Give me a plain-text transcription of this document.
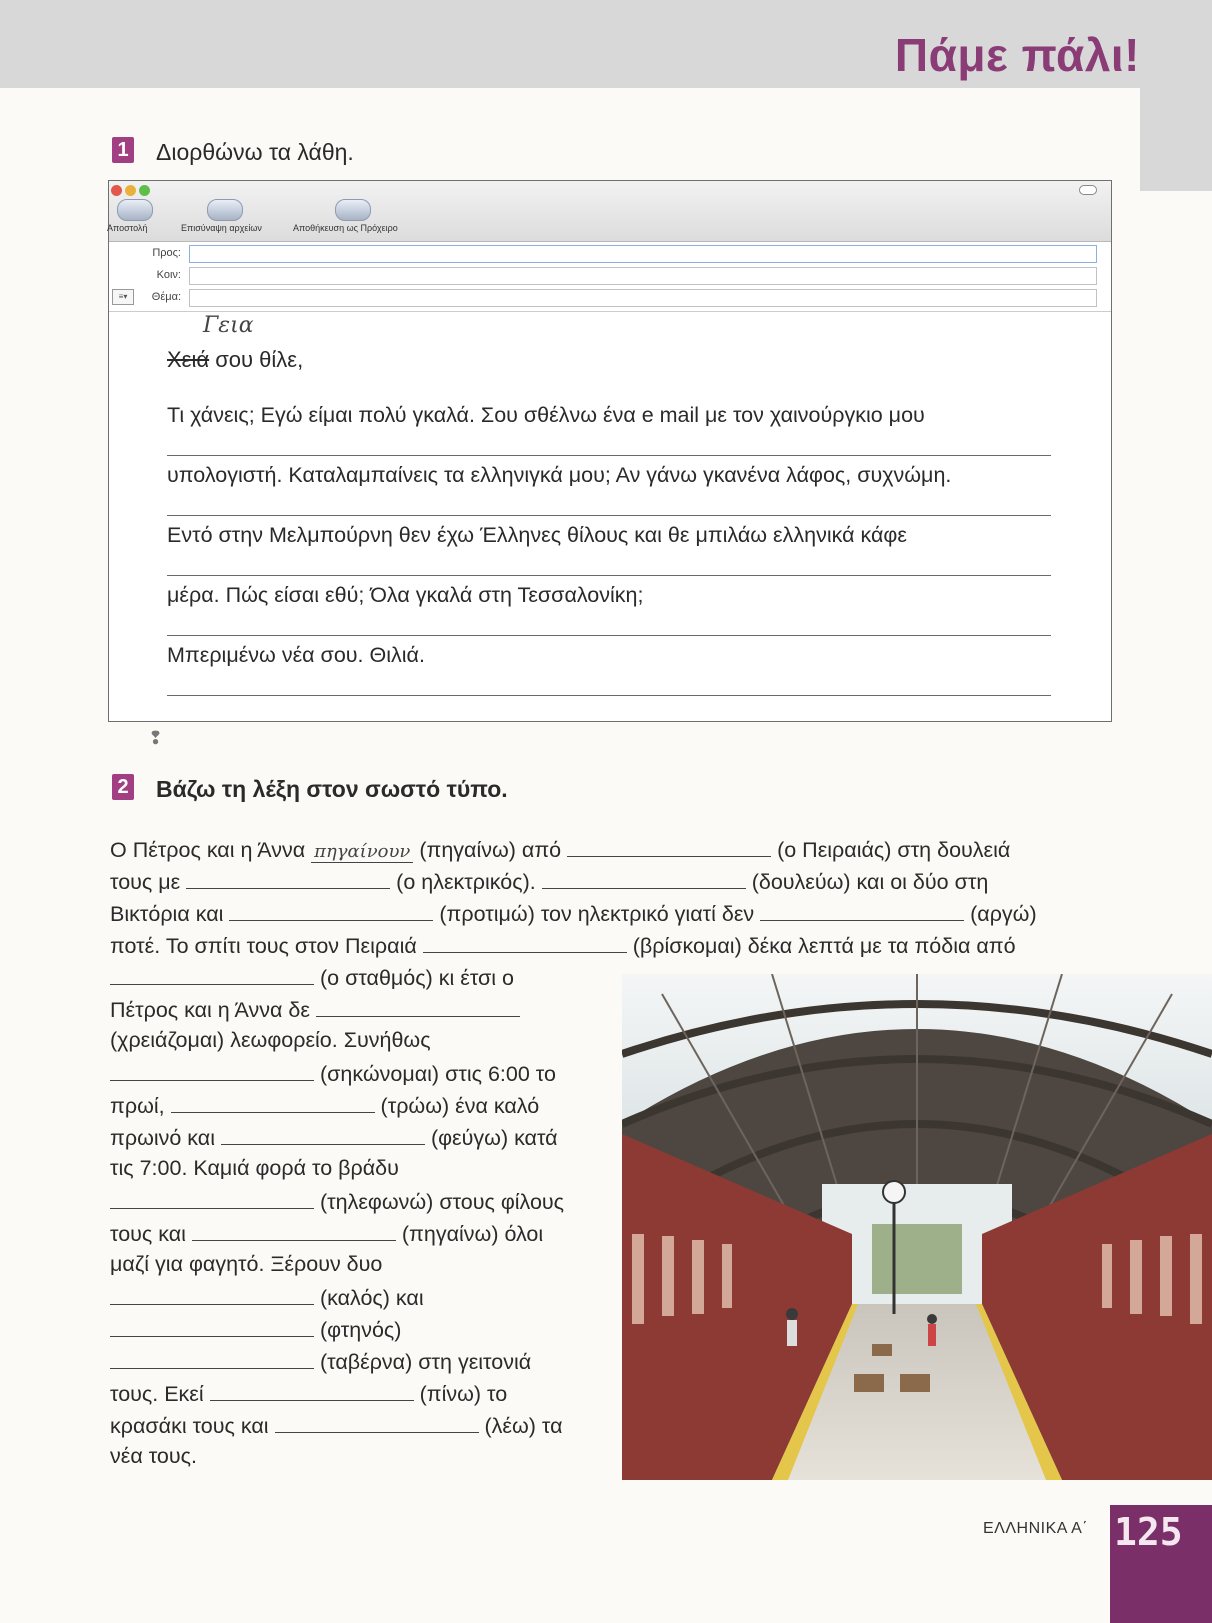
Πάμε πάλι!
1 Διορθώνω τα λάθη.
Αποστολή	Επισύναψη αρχείων	Αποθήκευση ως Πρόχειρο
Προς:
Κοιν:
≡▾	Θέμα:
Γεια
Χειά σου θίλε,
Τι χάνεις; Εγώ είμαι πολύ γκαλά. Σου σθέλνω ένα e mail με τον χαινούργκιο μου
υπολογιστή. Καταλαμπαίνεις τα ελληνιγκά μου; Αν γάνω γκανένα λάφος, συχνώμη.
Εντό στην Μελμπούρνη θεν έχω Έλληνες θίλους και θε μπιλάω ελληνικά κάφε
μέρα. Πώς είσαι εθύ; Όλα γκαλά στη Τεσσαλονίκη;
Μπεριμένω νέα σου. Θιλιά.
2 Βάζω τη λέξη στον σωστό τύπο.
Ο Πέτρος και η Άννα πηγαίνουν (πηγαίνω) από	(ο Πειραιάς) στη δουλειά
τους με	(ο ηλεκτρικός).	(δουλεύω) και οι δύο στη
Βικτόρια και	(προτιμώ) τον ηλεκτρικό γιατί δεν	(αργώ)
ποτέ. Το σπίτι τους στον Πειραιά	(βρίσκομαι) δέκα λεπτά με τα πόδια από
(ο σταθμός) κι έτσι ο
Πέτρος και η Άννα δε
(χρειάζομαι) λεωφορείο. Συνήθως
(σηκώνομαι) στις 6:00 το
πρωί,	(τρώω) ένα καλό
πρωινό και	(φεύγω) κατά
τις 7:00. Καμιά φορά το βράδυ
(τηλεφωνώ) στους φίλους
τους και	(πηγαίνω) όλοι
μαζί για φαγητό. Ξέρουν δυο
(καλός) και
(φτηνός)
(ταβέρνα) στη γειτονιά
τους. Εκεί	(πίνω) το
κρασάκι τους και	(λέω) τα
νέα τους.
❢
ΕΛΛΗΝΙΚΑ Α΄ 125
